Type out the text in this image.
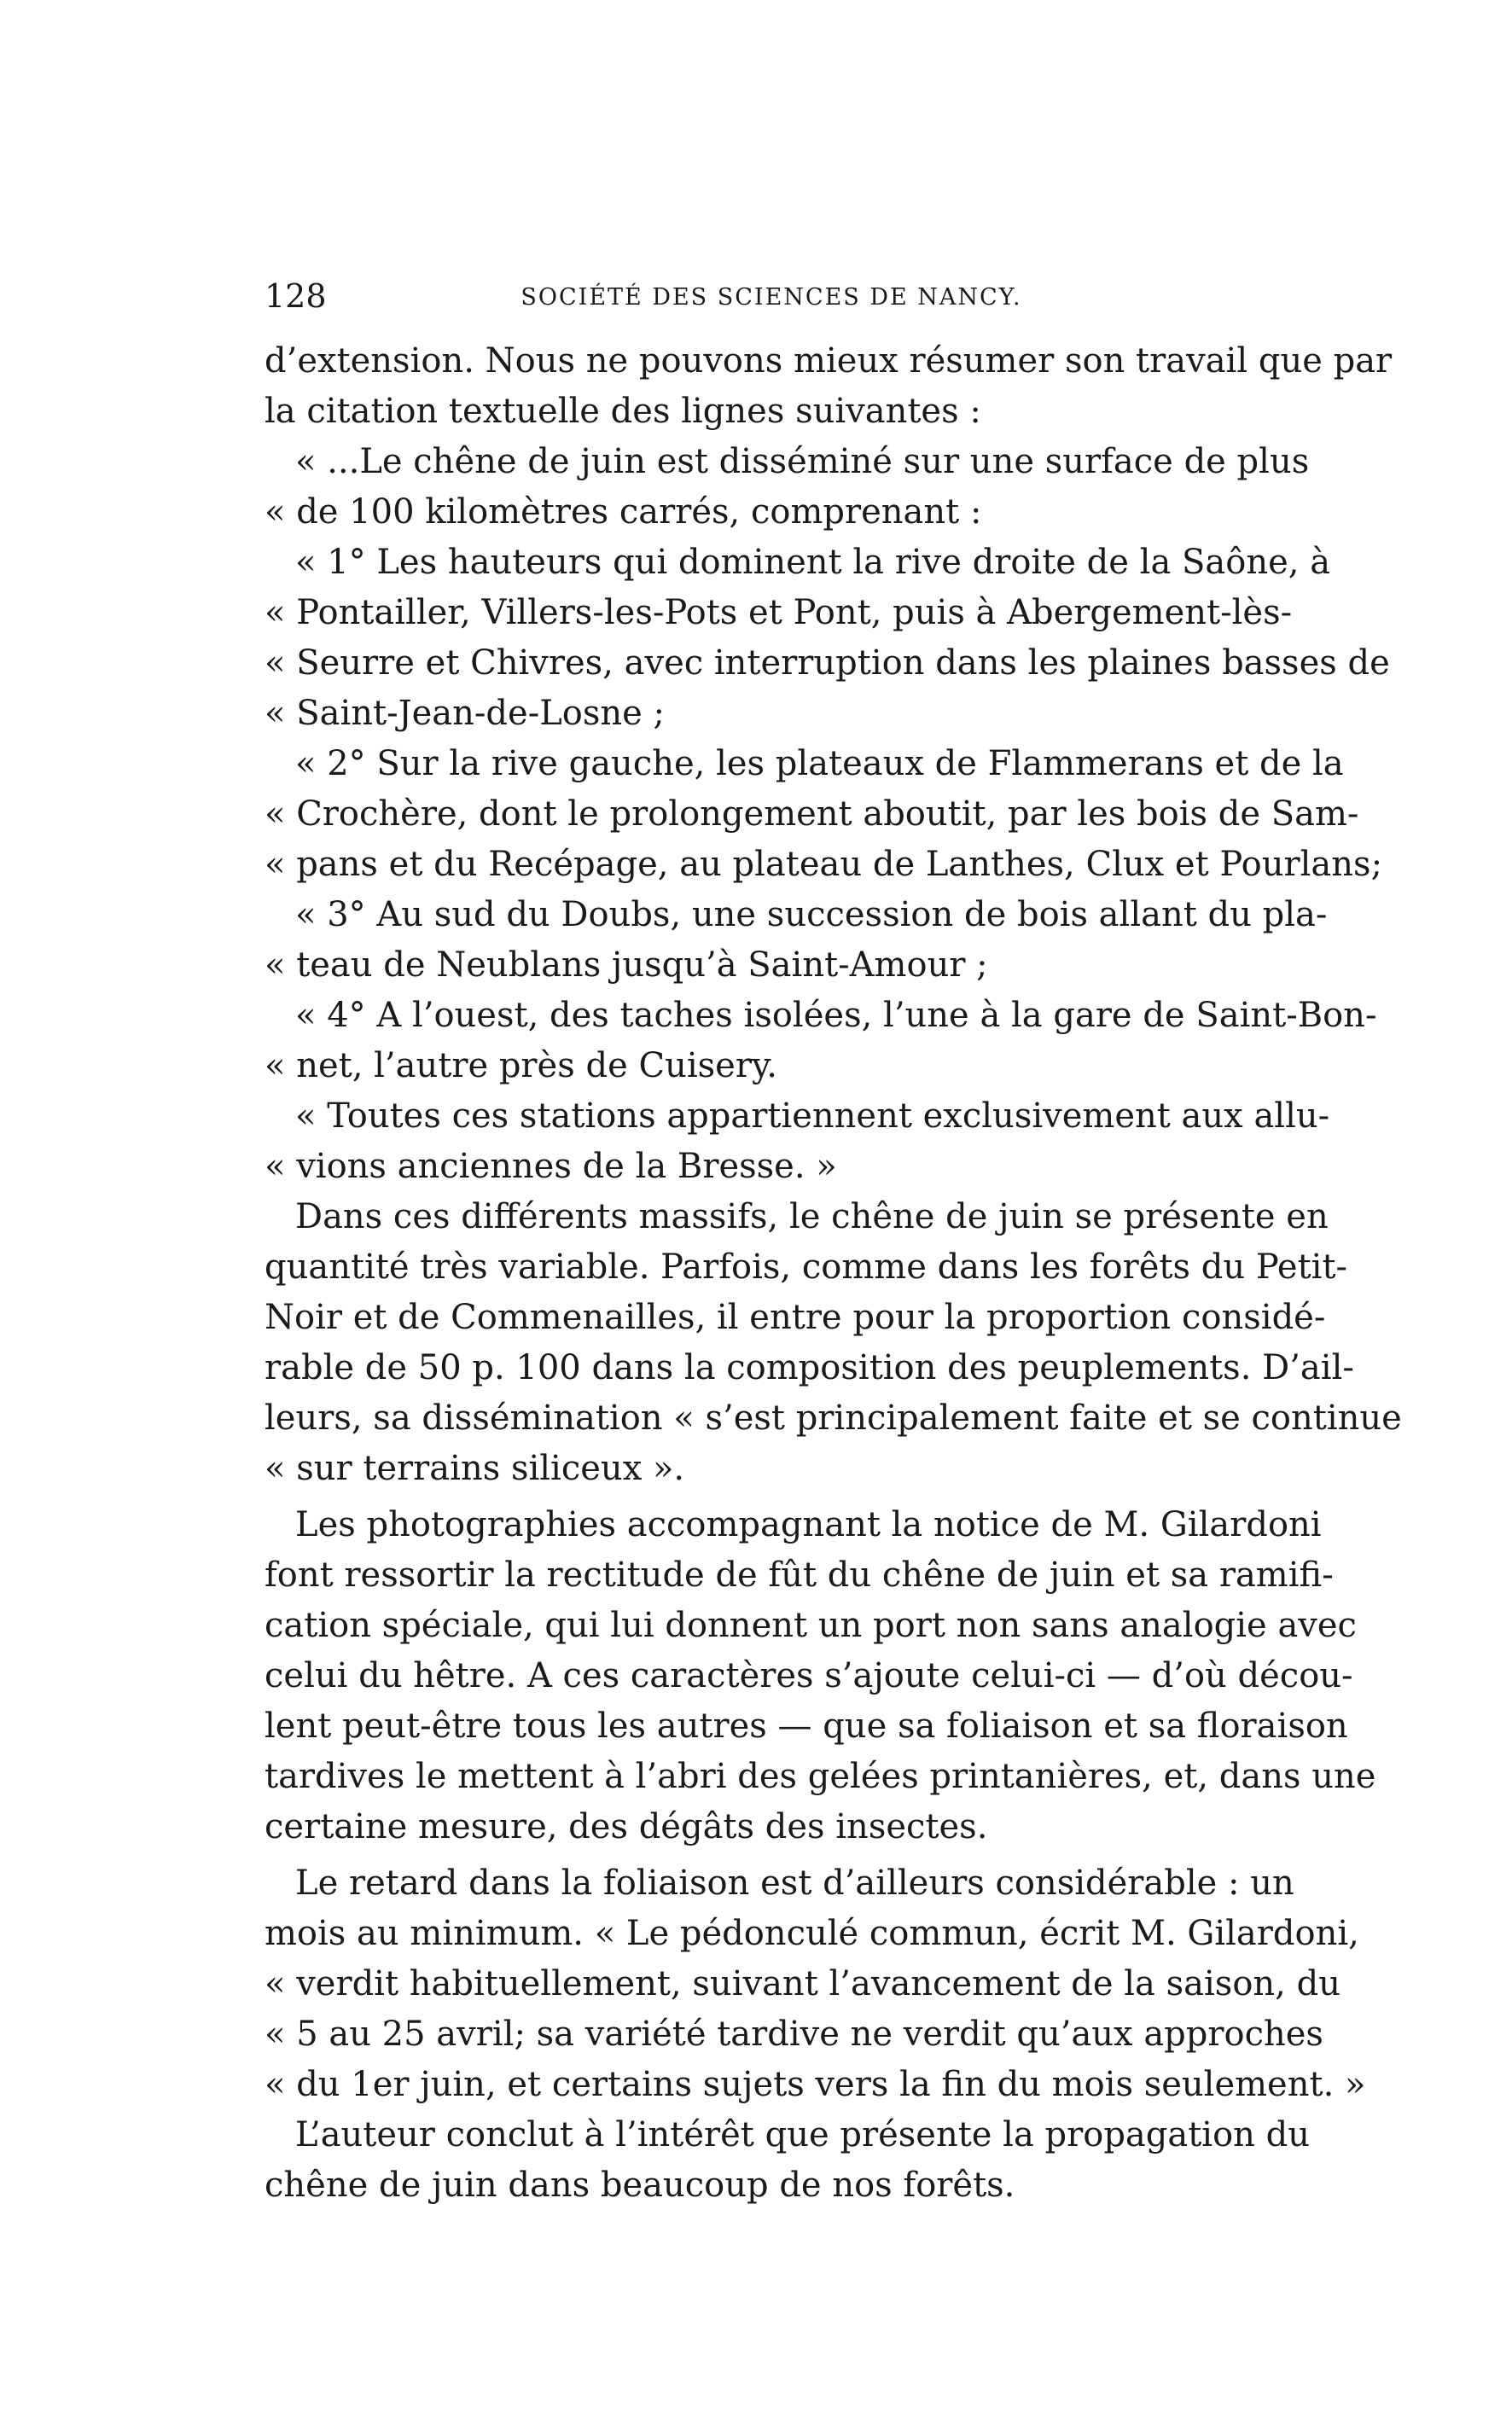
128	SOCIÉTÉ DES SCIENCES DE NANCY.
d’extension. Nous ne pouvons mieux résumer son travail que par
la citation textuelle des lignes suivantes :
« ...Le chêne de juin est disséminé sur une surface de plus
« de 100 kilomètres carrés, comprenant :
« 1° Les hauteurs qui dominent la rive droite de la Saône, à
« Pontailler, Villers-les-Pots et Pont, puis à Abergement-lès-
« Seurre et Chivres, avec interruption dans les plaines basses de
« Saint-Jean-de-Losne ;
« 2° Sur la rive gauche, les plateaux de Flammerans et de la
« Crochère, dont le prolongement aboutit, par les bois de Sam-
« pans et du Recépage, au plateau de Lanthes, Clux et Pourlans;
« 3° Au sud du Doubs, une succession de bois allant du pla-
« teau de Neublans jusqu’à Saint-Amour ;
« 4° A l’ouest, des taches isolées, l’une à la gare de Saint-Bon-
« net, l’autre près de Cuisery.
« Toutes ces stations appartiennent exclusivement aux allu-
« vions anciennes de la Bresse. »
Dans ces différents massifs, le chêne de juin se présente en
quantité très variable. Parfois, comme dans les forêts du Petit-
Noir et de Commenailles, il entre pour la proportion considé-
rable de 50 p. 100 dans la composition des peuplements. D’ail-
leurs, sa dissémination « s’est principalement faite et se continue
« sur terrains siliceux ».
Les photographies accompagnant la notice de M. Gilardoni
font ressortir la rectitude de fût du chêne de juin et sa ramifi-
cation spéciale, qui lui donnent un port non sans analogie avec
celui du hêtre. A ces caractères s’ajoute celui-ci — d’où décou-
lent peut-être tous les autres — que sa foliaison et sa floraison
tardives le mettent à l’abri des gelées printanières, et, dans une
certaine mesure, des dégâts des insectes.
Le retard dans la foliaison est d’ailleurs considérable : un
mois au minimum. « Le pédonculé commun, écrit M. Gilardoni,
« verdit habituellement, suivant l’avancement de la saison, du
« 5 au 25 avril; sa variété tardive ne verdit qu’aux approches
« du 1er juin, et certains sujets vers la fin du mois seulement. »
L’auteur conclut à l’intérêt que présente la propagation du
chêne de juin dans beaucoup de nos forêts.
